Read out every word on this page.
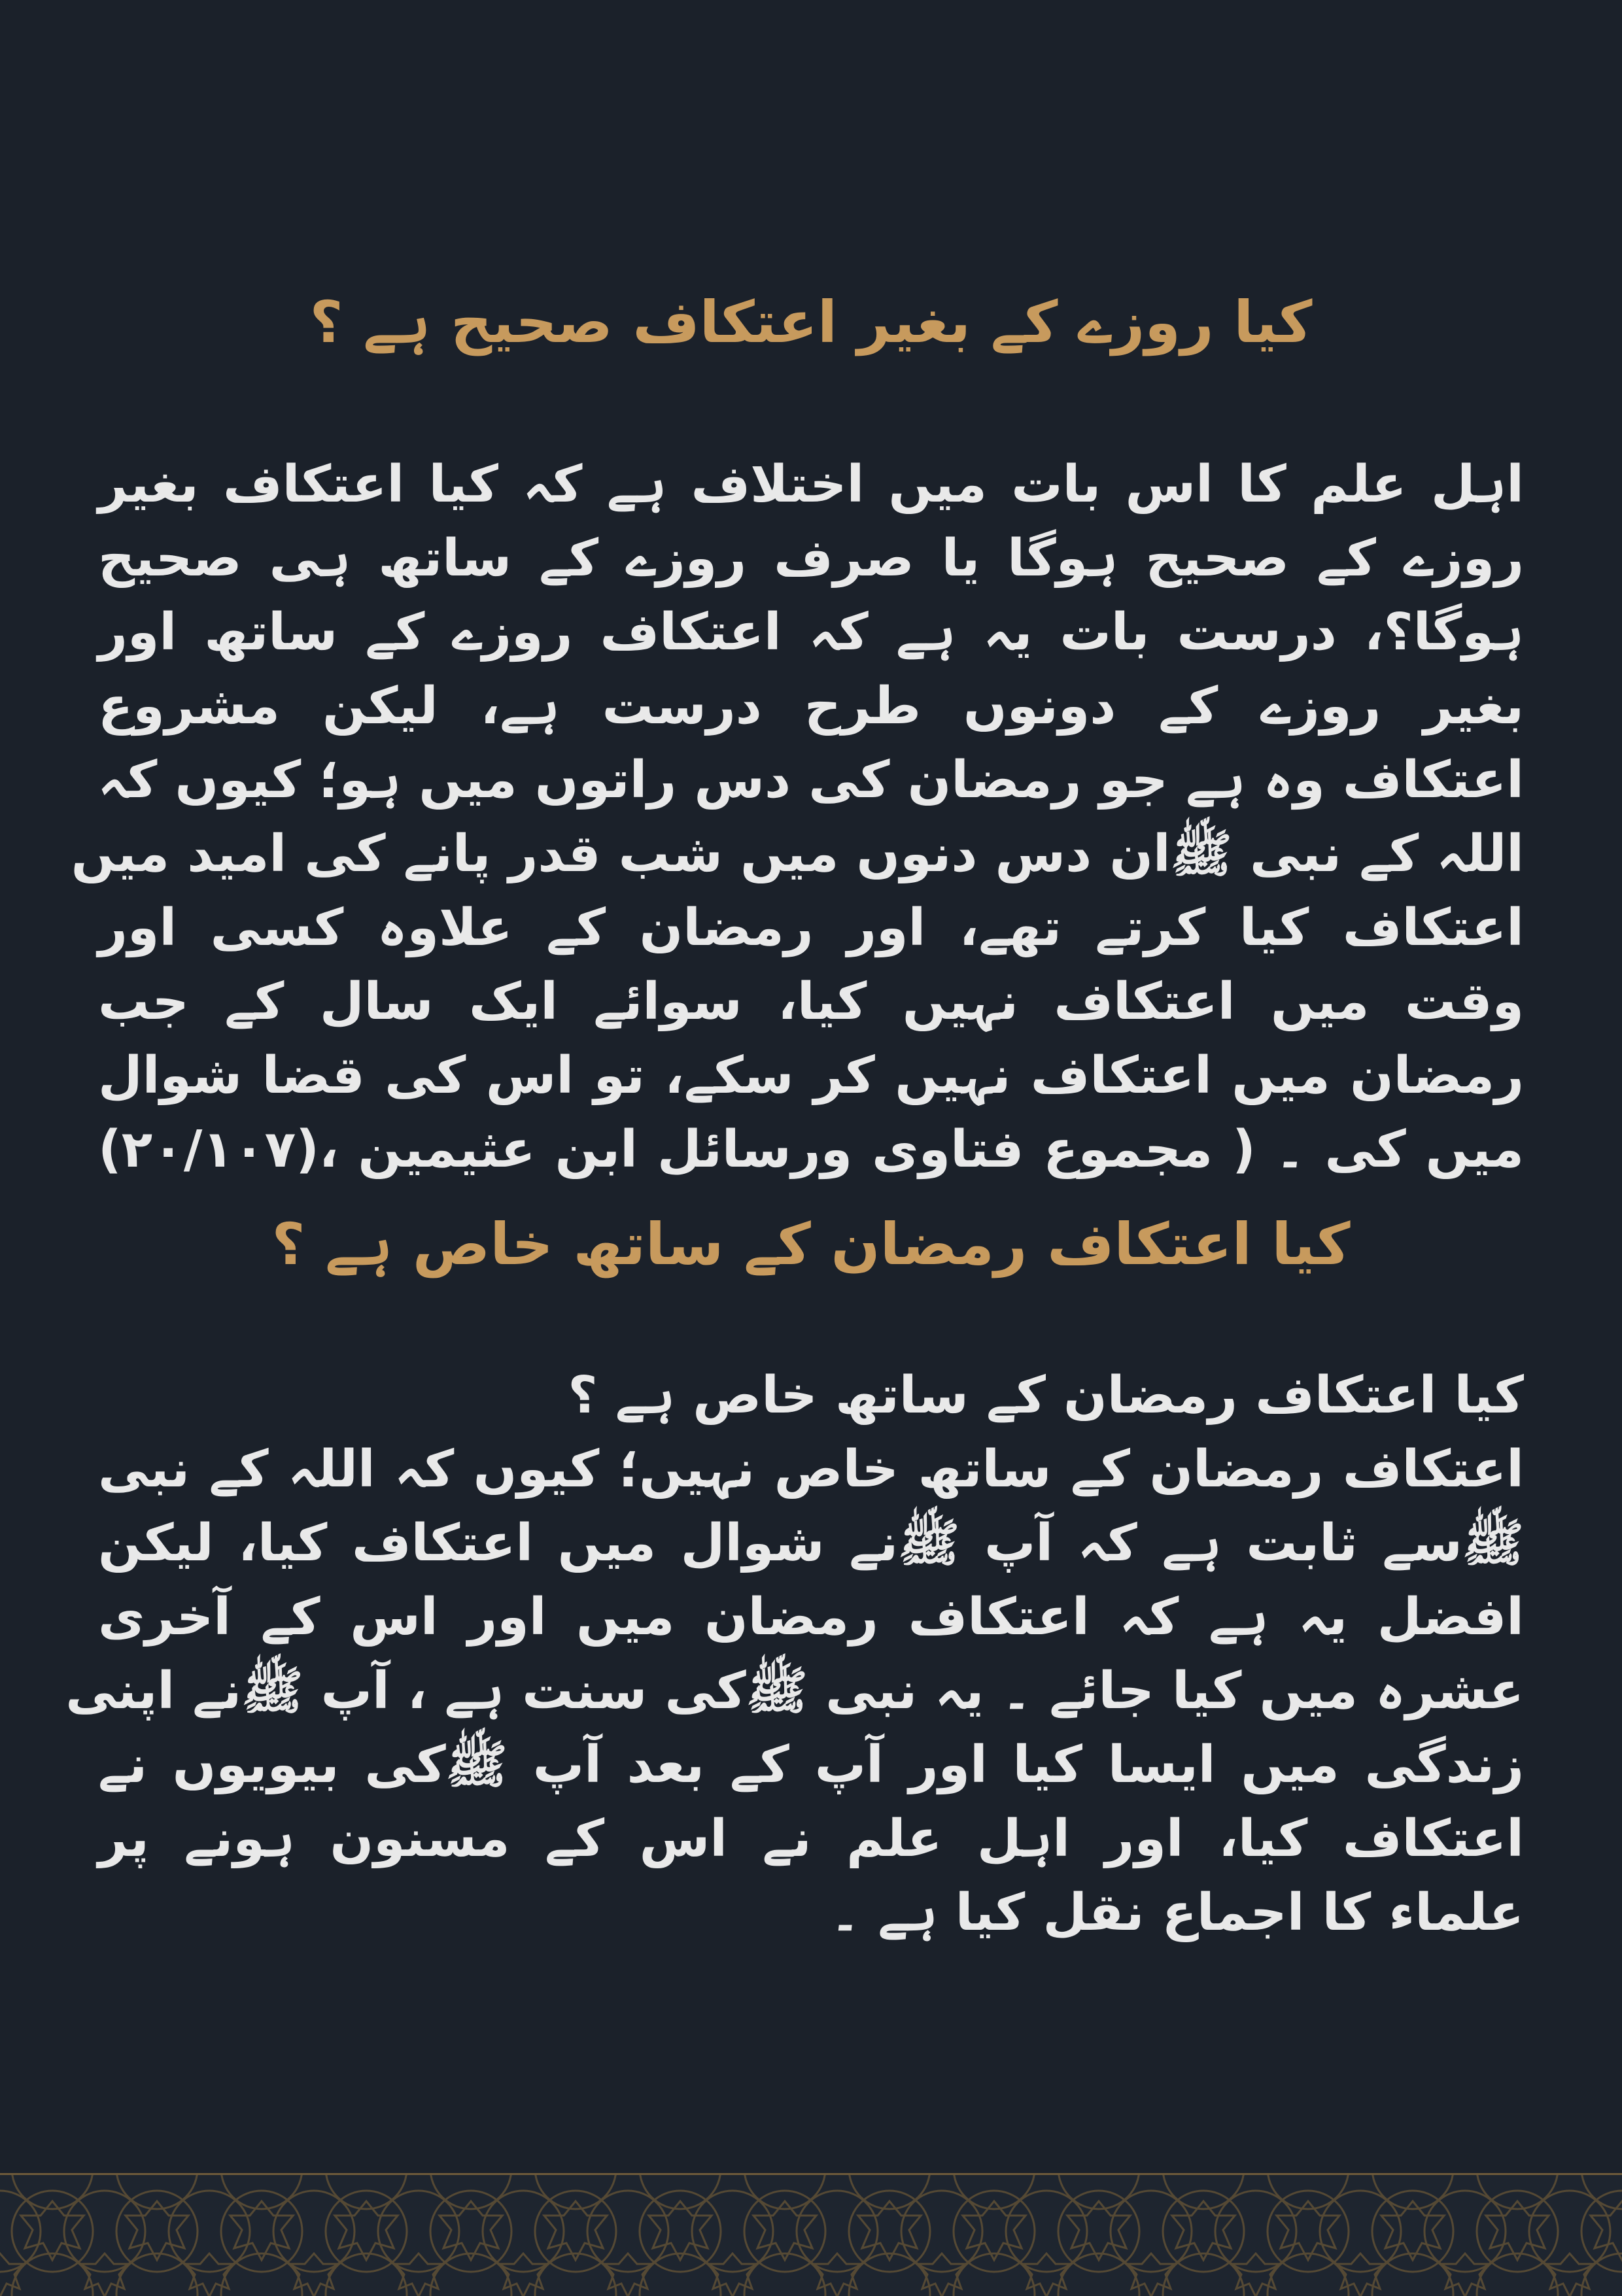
کیا روزے کے بغیر اعتکاف صحیح ہے ؟
اہل علم کا اس بات میں اختلاف ہے کہ کیا اعتکاف بغیر
روزے کے صحیح ہوگا یا صرف روزے کے ساتھ ہی صحیح
ہوگا؟، درست بات یہ ہے کہ اعتکاف روزے کے ساتھ اور
بغیر روزے کے دونوں طرح درست ہے، لیکن مشروع
اعتکاف وہ ہے جو رمضان کی دس راتوں میں ہو؛ کیوں کہ
اللہ کے نبی ﷺان دس دنوں میں شب قدر پانے کی امید میں
اعتکاف کیا کرتے تھے، اور رمضان کے علاوہ کسی اور
وقت میں اعتکاف نہیں کیا، سوائے ایک سال کے جب
رمضان میں اعتکاف نہیں کر سکے، تو اس کی قضا شوال
میں کی ۔ ( مجموع فتاوی ورسائل ابن عثیمین ،(۲۰/۱۰۷)
کیا اعتکاف رمضان کے ساتھ خاص ہے ؟
کیا اعتکاف رمضان کے ساتھ خاص ہے ؟
اعتکاف رمضان کے ساتھ خاص نہیں؛ کیوں کہ اللہ کے نبی
ﷺسے ثابت ہے کہ آپ ﷺنے شوال میں اعتکاف کیا، لیکن
افضل یہ ہے کہ اعتکاف رمضان میں اور اس کے آخری
عشرہ میں کیا جائے ۔ یہ نبی ﷺکی سنت ہے ، آپ ﷺنے اپنی
زندگی میں ایسا کیا اور آپ کے بعد آپ ﷺکی بیویوں نے
اعتکاف کیا، اور اہل علم نے اس کے مسنون ہونے پر
علماء کا اجماع نقل کیا ہے ۔
